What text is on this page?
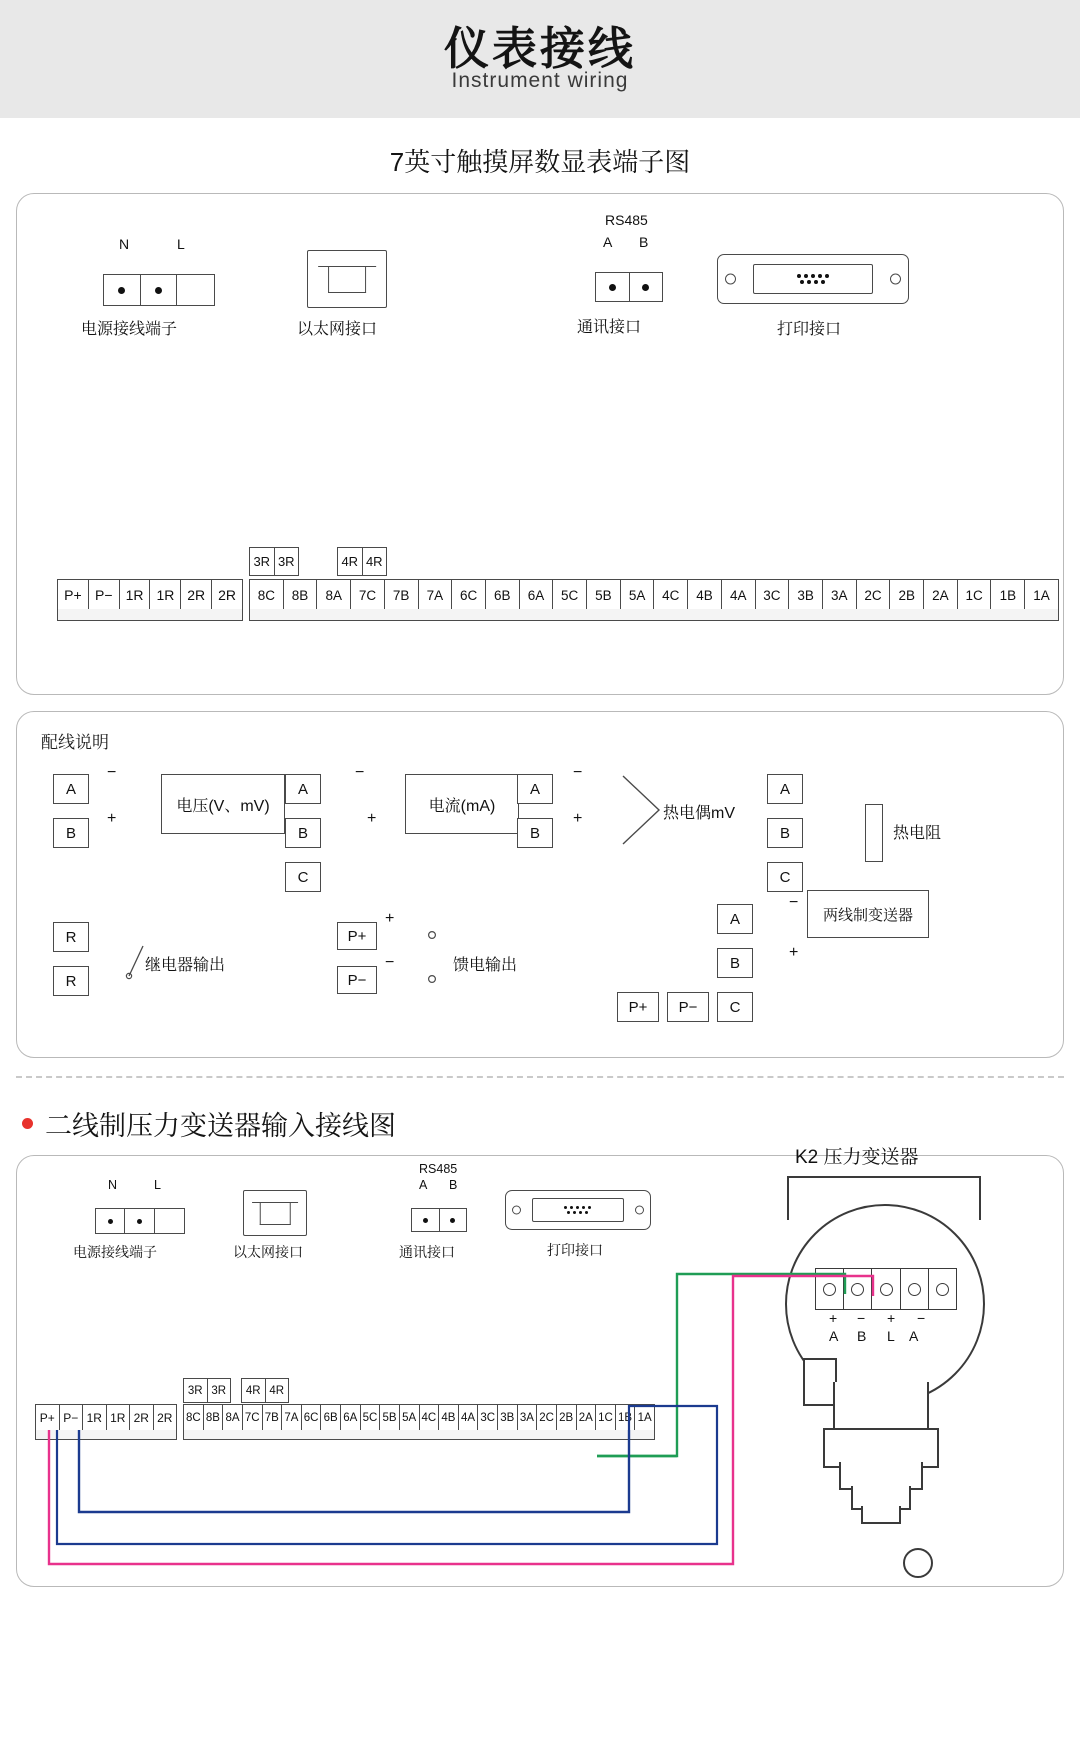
仪表接线
Instrument wiring
7英寸触摸屏数显表端子图
N	L
电源接线端子	以太网接口
RS485
A B
通讯接口	打印接口
P+ P− 1R 1R 2R 2R
3R 3R	4R 4R
8C	8B	8A	7C	7B	7A	6C	6B	6A	5C	5B	5A	4C	4B	4A	3C	3B	3A	2C	2B	2A	1C	1B	1A
配线说明
A
B
−
+
电压(V、mV)
A
B
C
−
+
电流(mA)
A
B
−
+	热电偶mV
A
B
C
热电阻
R
R
继电器输出
P+
P−
+
−	馈电输出
A
B
C
P+	P−
−
+
两线制变送器
二线制压力变送器输入接线图
N	L
电源接线端子	以太网接口
RS485
A B
通讯接口	打印接口
P+ P− 1R 1R 2R 2R
3R 3R	4R 4R
8C 8B 8A 7C 7B 7A 6C 6B 6A 5C 5B 5A 4C 4B 4A 3C 3B 3A 2C 2B 2A 1C 1B 1A
K2 压力变送器
+ − + −
A B L A
